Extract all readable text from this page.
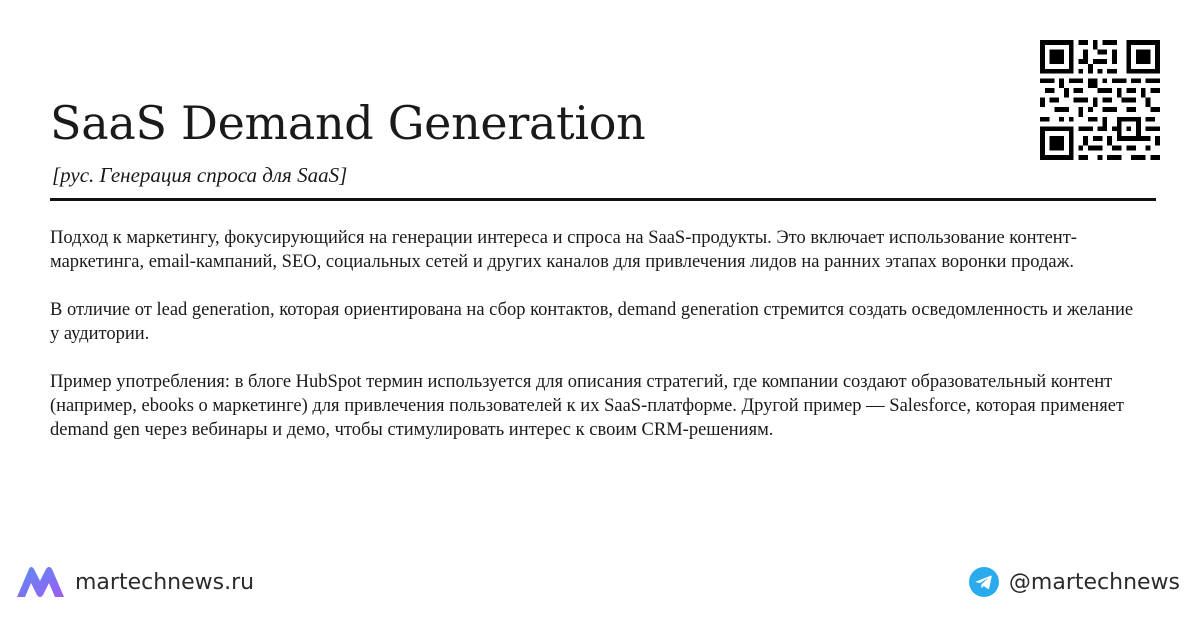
SaaS Demand Generation
[рус. Генерация спроса для SaaS]

Подход к маркетингу, фокусирующийся на генерации интереса и спроса на SaaS-продукты. Это включает использование контент-маркетинга, email-кампаний, SEO, социальных сетей и других каналов для привлечения лидов на ранних этапах воронки продаж.

В отличие от lead generation, которая ориентирована на сбор контактов, demand generation стремится создать осведомленность и желание у аудитории.

Пример употребления: в блоге HubSpot термин используется для описания стратегий, где компании создают образовательный контент (например, ebooks о маркетинге) для привлечения пользователей к их SaaS-платформе. Другой пример — Salesforce, которая применяет demand gen через вебинары и демо, чтобы стимулировать интерес к своим CRM-решениям.

martechnews.ru	@martechnews
